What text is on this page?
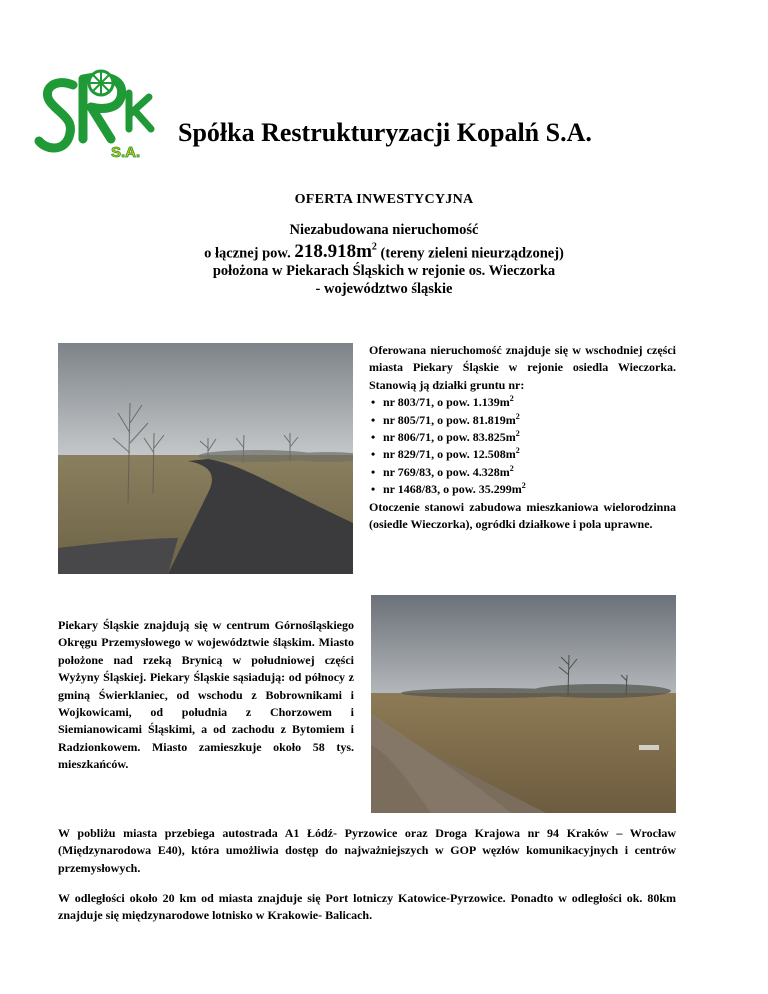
S.A.
Spółka Restrukturyzacji Kopalń S.A.
OFERTA INWESTYCYJNA
Niezabudowana nieruchomość
o łącznej pow. $218.918m^2$ (tereny zieleni nieurządzonej)
położona w Piekarach Śląskich w rejonie os. Wieczorka
- województwo śląskie
Oferowana nieruchomość znajduje się w wschodniej części miasta Piekary Śląskie w rejonie osiedla Wieczorka. Stanowią ją działki gruntu nr:
• nr 803/71, o pow. $1.139m^2$
• nr 805/71, o pow. $81.819m^2$
• nr 806/71, o pow. $83.825m^2$
• nr 829/71, o pow. $12.508m^2$
• nr 769/83, o pow. $4.328m^2$
• nr 1468/83, o pow. $35.299m^2$
Otoczenie stanowi zabudowa mieszkaniowa wielorodzinna (osiedle Wieczorka), ogródki działkowe i pola uprawne.
Piekary Śląskie znajdują się w centrum Górnośląskiego Okręgu Przemysłowego w województwie śląskim. Miasto położone nad rzeką Brynicą w południowej części Wyżyny Śląskiej. Piekary Śląskie sąsiadują: od północy z gminą Świerklaniec, od wschodu z Bobrownikami i Wojkowicami, od południa z Chorzowem i Siemianowicami Śląskimi, a od zachodu z Bytomiem i Radzionkowem. Miasto zamieszkuje około 58 tys. mieszkańców.
W pobliżu miasta przebiega autostrada A1 Łódź- Pyrzowice oraz Droga Krajowa nr 94 Kraków – Wrocław (Międzynarodowa E40), która umożliwia dostęp do najważniejszych w GOP węzłów komunikacyjnych i centrów przemysłowych.
W odległości około 20 km od miasta znajduje się Port lotniczy Katowice-Pyrzowice. Ponadto w odległości ok. 80km znajduje się międzynarodowe lotnisko w Krakowie- Balicach.
